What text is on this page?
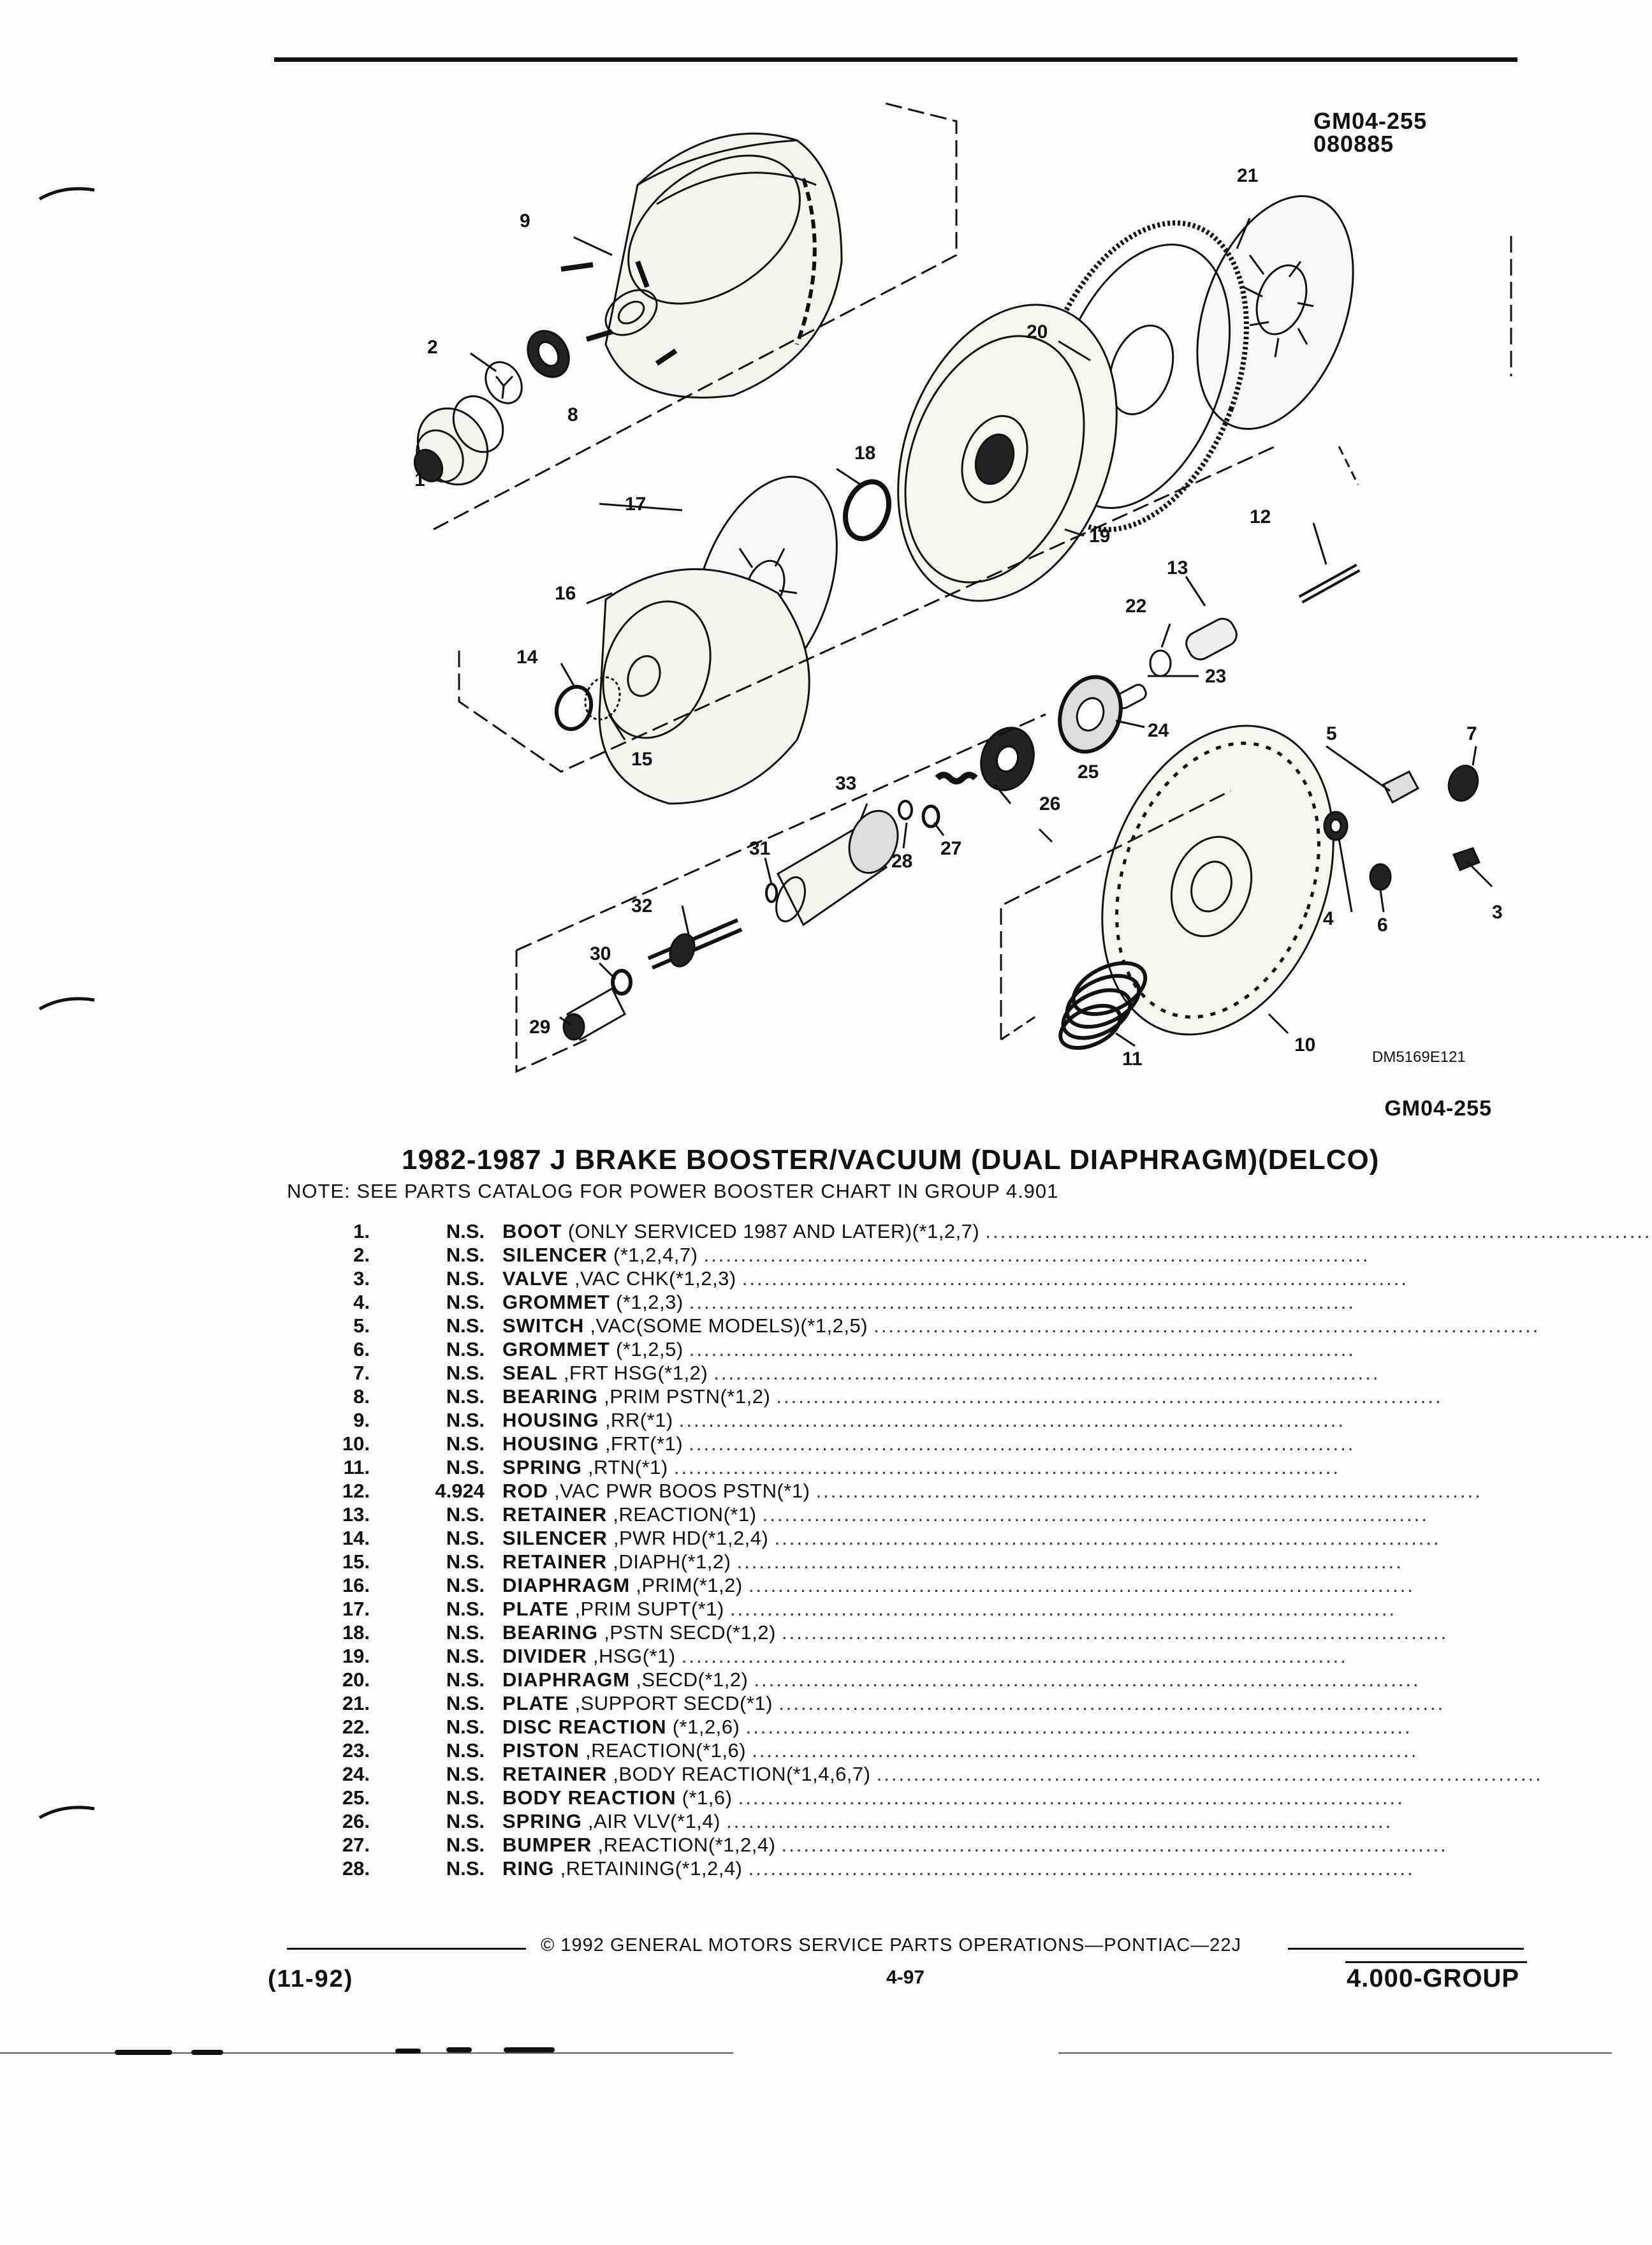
GM04-255
080885
1
2
3
4
5
6
7
8
9
10
11
12
13
14
15
16
17
18
19
20
21
22
23
24
25
26
27
28
29
30
31
32
33
DM5169E121
GM04-255
1982-1987 J BRAKE BOOSTER/VACUUM (DUAL DIAPHRAGM)(DELCO)
NOTE: SEE PARTS CATALOG FOR POWER BOOSTER CHART IN GROUP 4.901
1.	N.S. BOOT (ONLY SERVICED 1987 AND LATER)(*1,2,7) ..........................................................................................
2.	N.S. SILENCER (*1,2,4,7) ..........................................................................................
3.	N.S. VALVE ,VAC CHK(*1,2,3) ..........................................................................................
4.	N.S. GROMMET (*1,2,3) ..........................................................................................
5.	N.S. SWITCH ,VAC(SOME MODELS)(*1,2,5) ..........................................................................................
6.	N.S. GROMMET (*1,2,5) ..........................................................................................
7.	N.S. SEAL ,FRT HSG(*1,2) ..........................................................................................
8.	N.S. BEARING ,PRIM PSTN(*1,2) ..........................................................................................
9.	N.S. HOUSING ,RR(*1) ..........................................................................................
10.	N.S. HOUSING ,FRT(*1) ..........................................................................................
11.	N.S. SPRING ,RTN(*1) ..........................................................................................
12.	4.924 ROD ,VAC PWR BOOS PSTN(*1) ..........................................................................................
13.	N.S. RETAINER ,REACTION(*1) ..........................................................................................
14.	N.S. SILENCER ,PWR HD(*1,2,4) ..........................................................................................
15.	N.S. RETAINER ,DIAPH(*1,2) ..........................................................................................
16.	N.S. DIAPHRAGM ,PRIM(*1,2) ..........................................................................................
17.	N.S. PLATE ,PRIM SUPT(*1) ..........................................................................................
18.	N.S. BEARING ,PSTN SECD(*1,2) ..........................................................................................
19.	N.S. DIVIDER ,HSG(*1) ..........................................................................................
20.	N.S. DIAPHRAGM ,SECD(*1,2) ..........................................................................................
21.	N.S. PLATE ,SUPPORT SECD(*1) ..........................................................................................
22.	N.S. DISC REACTION (*1,2,6) ..........................................................................................
23.	N.S. PISTON ,REACTION(*1,6) ..........................................................................................
24.	N.S. RETAINER ,BODY REACTION(*1,4,6,7) ..........................................................................................
25.	N.S. BODY REACTION (*1,6) ..........................................................................................
26.	N.S. SPRING ,AIR VLV(*1,4) ..........................................................................................
27.	N.S. BUMPER ,REACTION(*1,2,4) ..........................................................................................
28.	N.S. RING ,RETAINING(*1,2,4) ..........................................................................................
© 1992 GENERAL MOTORS SERVICE PARTS OPERATIONS—PONTIAC—22J
(11-92)	4-97	4.000-GROUP
